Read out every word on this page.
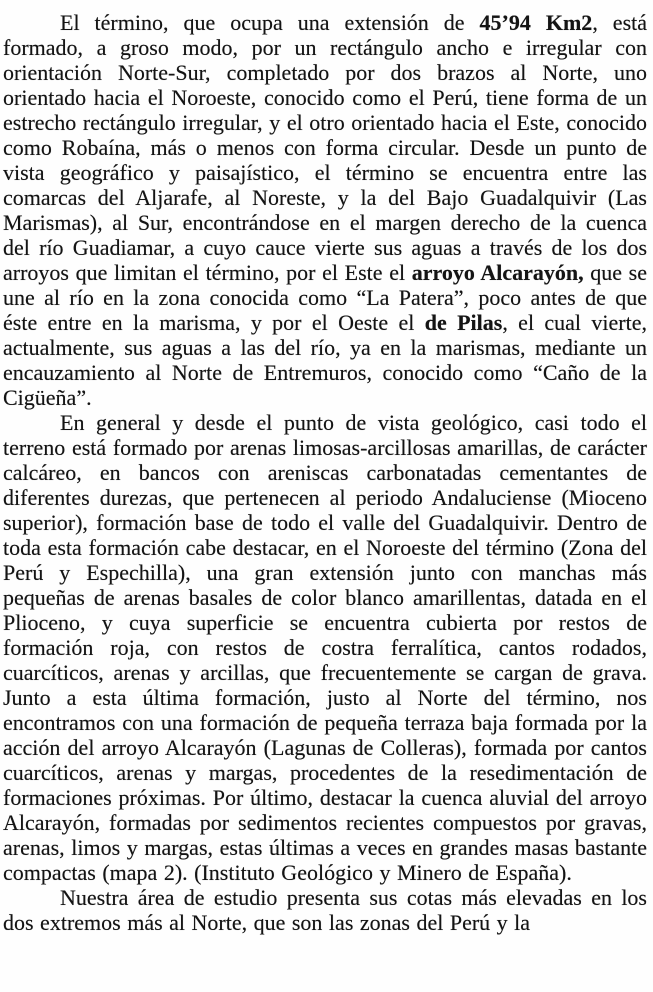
El término, que ocupa una extensión de 45’94 Km2, está formado, a groso modo, por un rectángulo ancho e irregular con orientación Norte-Sur, completado por dos brazos al Norte, uno orientado hacia el Noroeste, conocido como el Perú, tiene forma de un estrecho rectángulo irregular, y el otro orientado hacia el Este, conocido como Robaína, más o menos con forma circular. Desde un punto de vista geográfico y paisajístico, el término se encuentra entre las comarcas del Aljarafe, al Noreste, y la del Bajo Guadalquivir (Las Marismas), al Sur, encontrándose en el margen derecho de la cuenca del río Guadiamar, a cuyo cauce vierte sus aguas a través de los dos arroyos que limitan el término, por el Este el arroyo Alcarayón, que se une al río en la zona conocida como “La Patera”, poco antes de que éste entre en la marisma, y por el Oeste el de Pilas, el cual vierte, actualmente, sus aguas a las del río, ya en la marismas, mediante un encauzamiento al Norte de Entremuros, conocido como “Caño de la Cigüeña”.

En general y desde el punto de vista geológico, casi todo el terreno está formado por arenas limosas-arcillosas amarillas, de carácter calcáreo, en bancos con areniscas carbonatadas cementantes de diferentes durezas, que pertenecen al periodo Andaluciense (Mioceno superior), formación base de todo el valle del Guadalquivir. Dentro de toda esta formación cabe destacar, en el Noroeste del término (Zona del Perú y Espechilla), una gran extensión junto con manchas más pequeñas de arenas basales de color blanco amarillentas, datada en el Plioceno, y cuya superficie se encuentra cubierta por restos de formación roja, con restos de costra ferralítica, cantos rodados, cuarcíticos, arenas y arcillas, que frecuentemente se cargan de grava. Junto a esta última formación, justo al Norte del término, nos encontramos con una formación de pequeña terraza baja formada por la acción del arroyo Alcarayón (Lagunas de Colleras), formada por cantos cuarcíticos, arenas y margas, procedentes de la resedimentación de formaciones próximas. Por último, destacar la cuenca aluvial del arroyo Alcarayón, formadas por sedimentos recientes compuestos por gravas, arenas, limos y margas, estas últimas a veces en grandes masas bastante compactas (mapa 2). (Instituto Geológico y Minero de España).

Nuestra área de estudio presenta sus cotas más elevadas en los dos extremos más al Norte, que son las zonas del Perú y la
